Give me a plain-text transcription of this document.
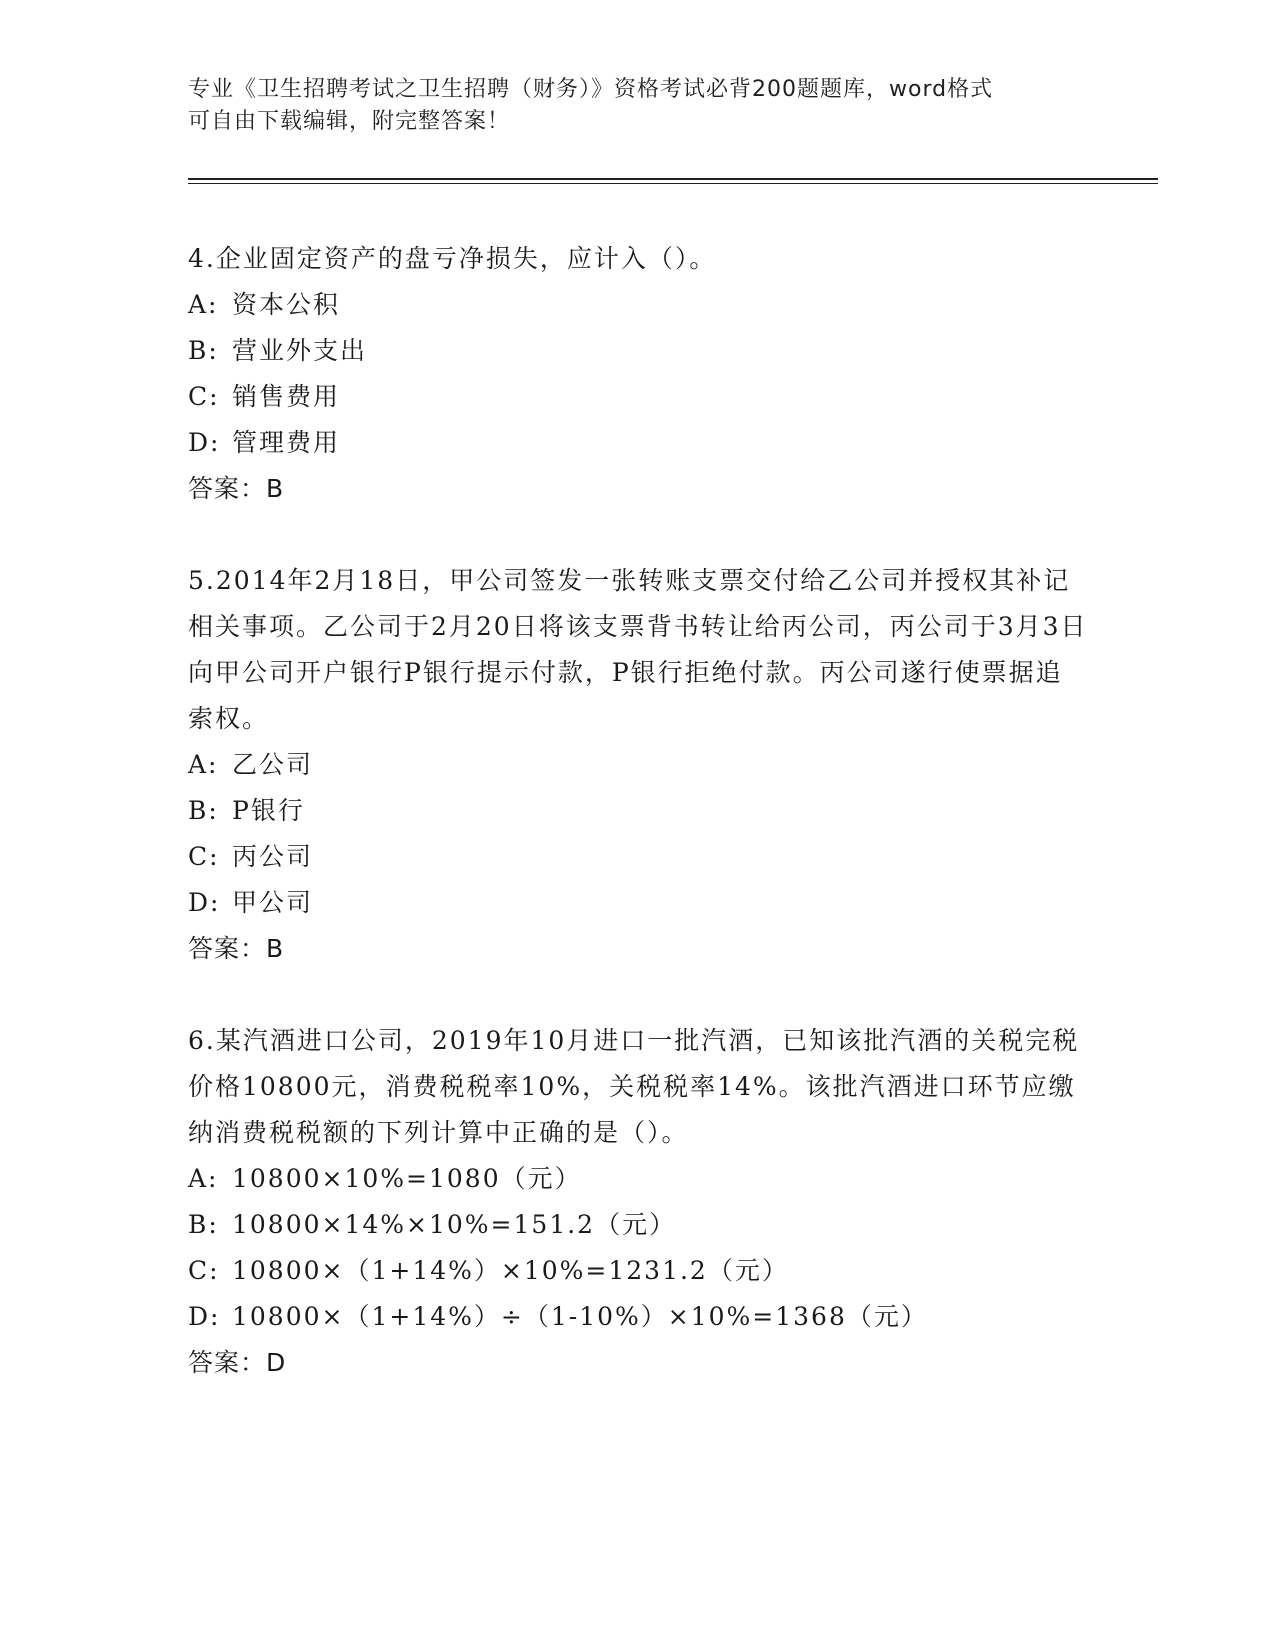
专业《卫生招聘考试之卫生招聘（财务）》资格考试必背200题题库，word格式
可自由下载编辑，附完整答案！

4.企业固定资产的盘亏净损失，应计入（）。

A: 资本公积

B: 营业外支出

C: 销售费用

D: 管理费用

答案：B

5.2014年2月18日，甲公司签发一张转账支票交付给乙公司并授权其补记相关事项。乙公司于2月20日将该支票背书转让给丙公司，丙公司于3月3日向甲公司开户银行P银行提示付款，P银行拒绝付款。丙公司遂行使票据追索权。

A: 乙公司

B: P银行

C: 丙公司

D: 甲公司

答案：B

6.某汽酒进口公司，2019年10月进口一批汽酒，已知该批汽酒的关税完税价格10800元，消费税税率10%，关税税率14%。该批汽酒进口环节应缴纳消费税税额的下列计算中正确的是（）。

A: 10800×10%=1080（元）

B: 10800×14%×10%=151.2（元）

C: 10800×（1+14%）×10%=1231.2（元）

D: 10800×（1+14%）÷（1-10%）×10%=1368（元）

答案：D
